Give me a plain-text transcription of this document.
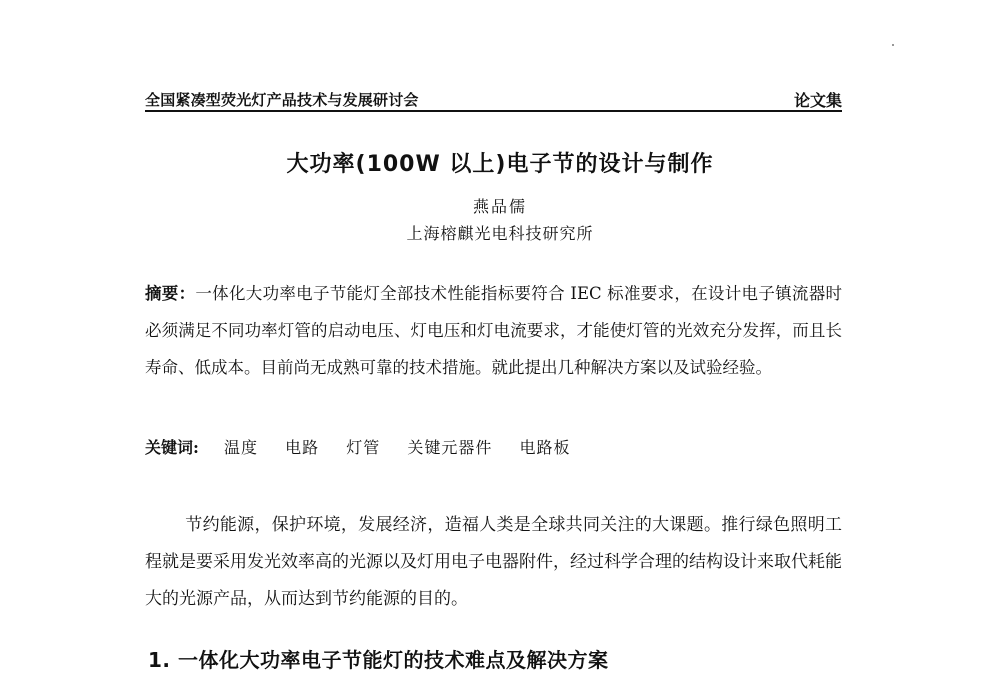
全国紧凑型荧光灯产品技术与发展研讨会	论文集
大功率(100W 以上)电子节的设计与制作
燕品儒
上海榕麒光电科技研究所
摘要：一体化大功率电子节能灯全部技术性能指标要符合 IEC 标准要求，在设计电子镇流器时必须满足不同功率灯管的启动电压、灯电压和灯电流要求，才能使灯管的光效充分发挥，而且长寿命、低成本。目前尚无成熟可靠的技术措施。就此提出几种解决方案以及试验经验。
关键词: 温度 电路 灯管 关键元器件 电路板
节约能源，保护环境，发展经济，造福人类是全球共同关注的大课题。推行绿色照明工程就是要采用发光效率高的光源以及灯用电子电器附件，经过科学合理的结构设计来取代耗能大的光源产品，从而达到节约能源的目的。
1. 一体化大功率电子节能灯的技术难点及解决方案
